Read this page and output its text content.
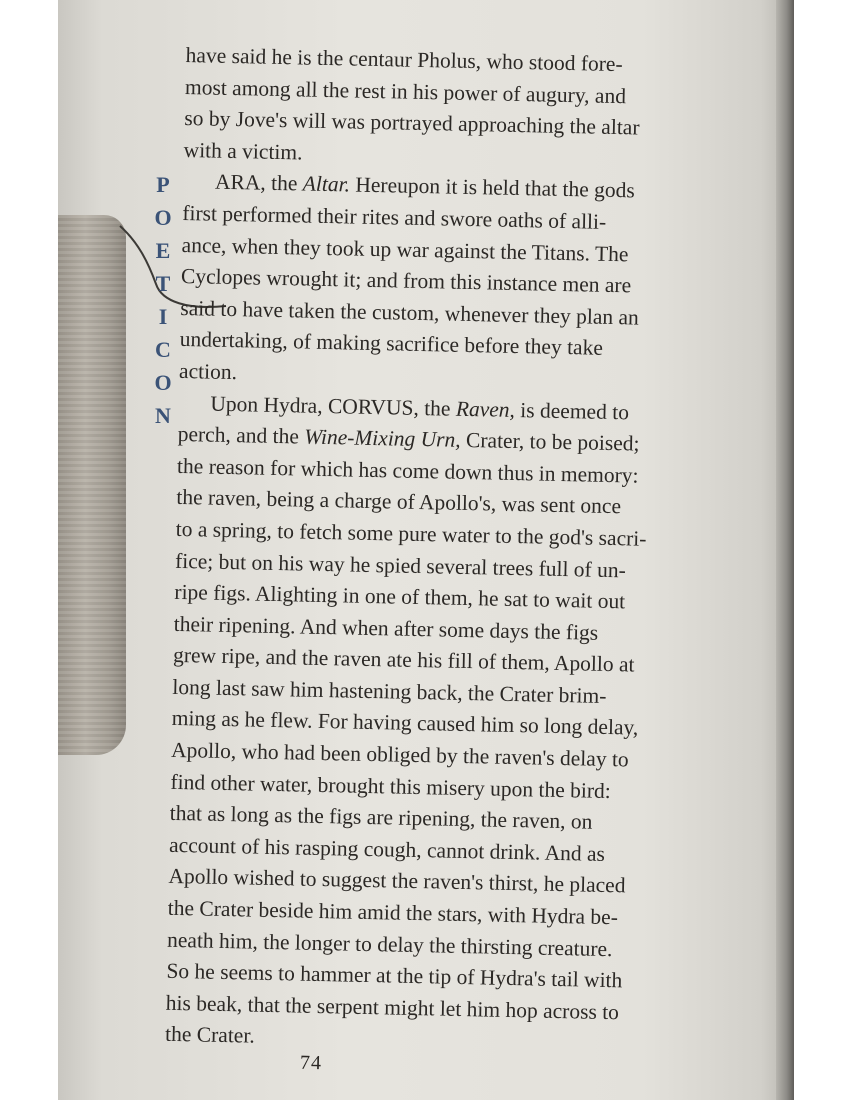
P
O
E
T
I
C
O
N
have said he is the centaur Pholus, who stood fore-
most among all the rest in his power of augury, and
so by Jove's will was portrayed approaching the altar
with a victim.
ARA, the Altar. Hereupon it is held that the gods
first performed their rites and swore oaths of alli-
ance, when they took up war against the Titans. The
Cyclopes wrought it; and from this instance men are
said to have taken the custom, whenever they plan an
undertaking, of making sacrifice before they take
action.
Upon Hydra, CORVUS, the Raven, is deemed to
perch, and the Wine-Mixing Urn, Crater, to be poised;
the reason for which has come down thus in memory:
the raven, being a charge of Apollo's, was sent once
to a spring, to fetch some pure water to the god's sacri-
fice; but on his way he spied several trees full of un-
ripe figs. Alighting in one of them, he sat to wait out
their ripening. And when after some days the figs
grew ripe, and the raven ate his fill of them, Apollo at
long last saw him hastening back, the Crater brim-
ming as he flew. For having caused him so long delay,
Apollo, who had been obliged by the raven's delay to
find other water, brought this misery upon the bird:
that as long as the figs are ripening, the raven, on
account of his rasping cough, cannot drink. And as
Apollo wished to suggest the raven's thirst, he placed
the Crater beside him amid the stars, with Hydra be-
neath him, the longer to delay the thirsting creature.
So he seems to hammer at the tip of Hydra's tail with
his beak, that the serpent might let him hop across to
the Crater.
74
